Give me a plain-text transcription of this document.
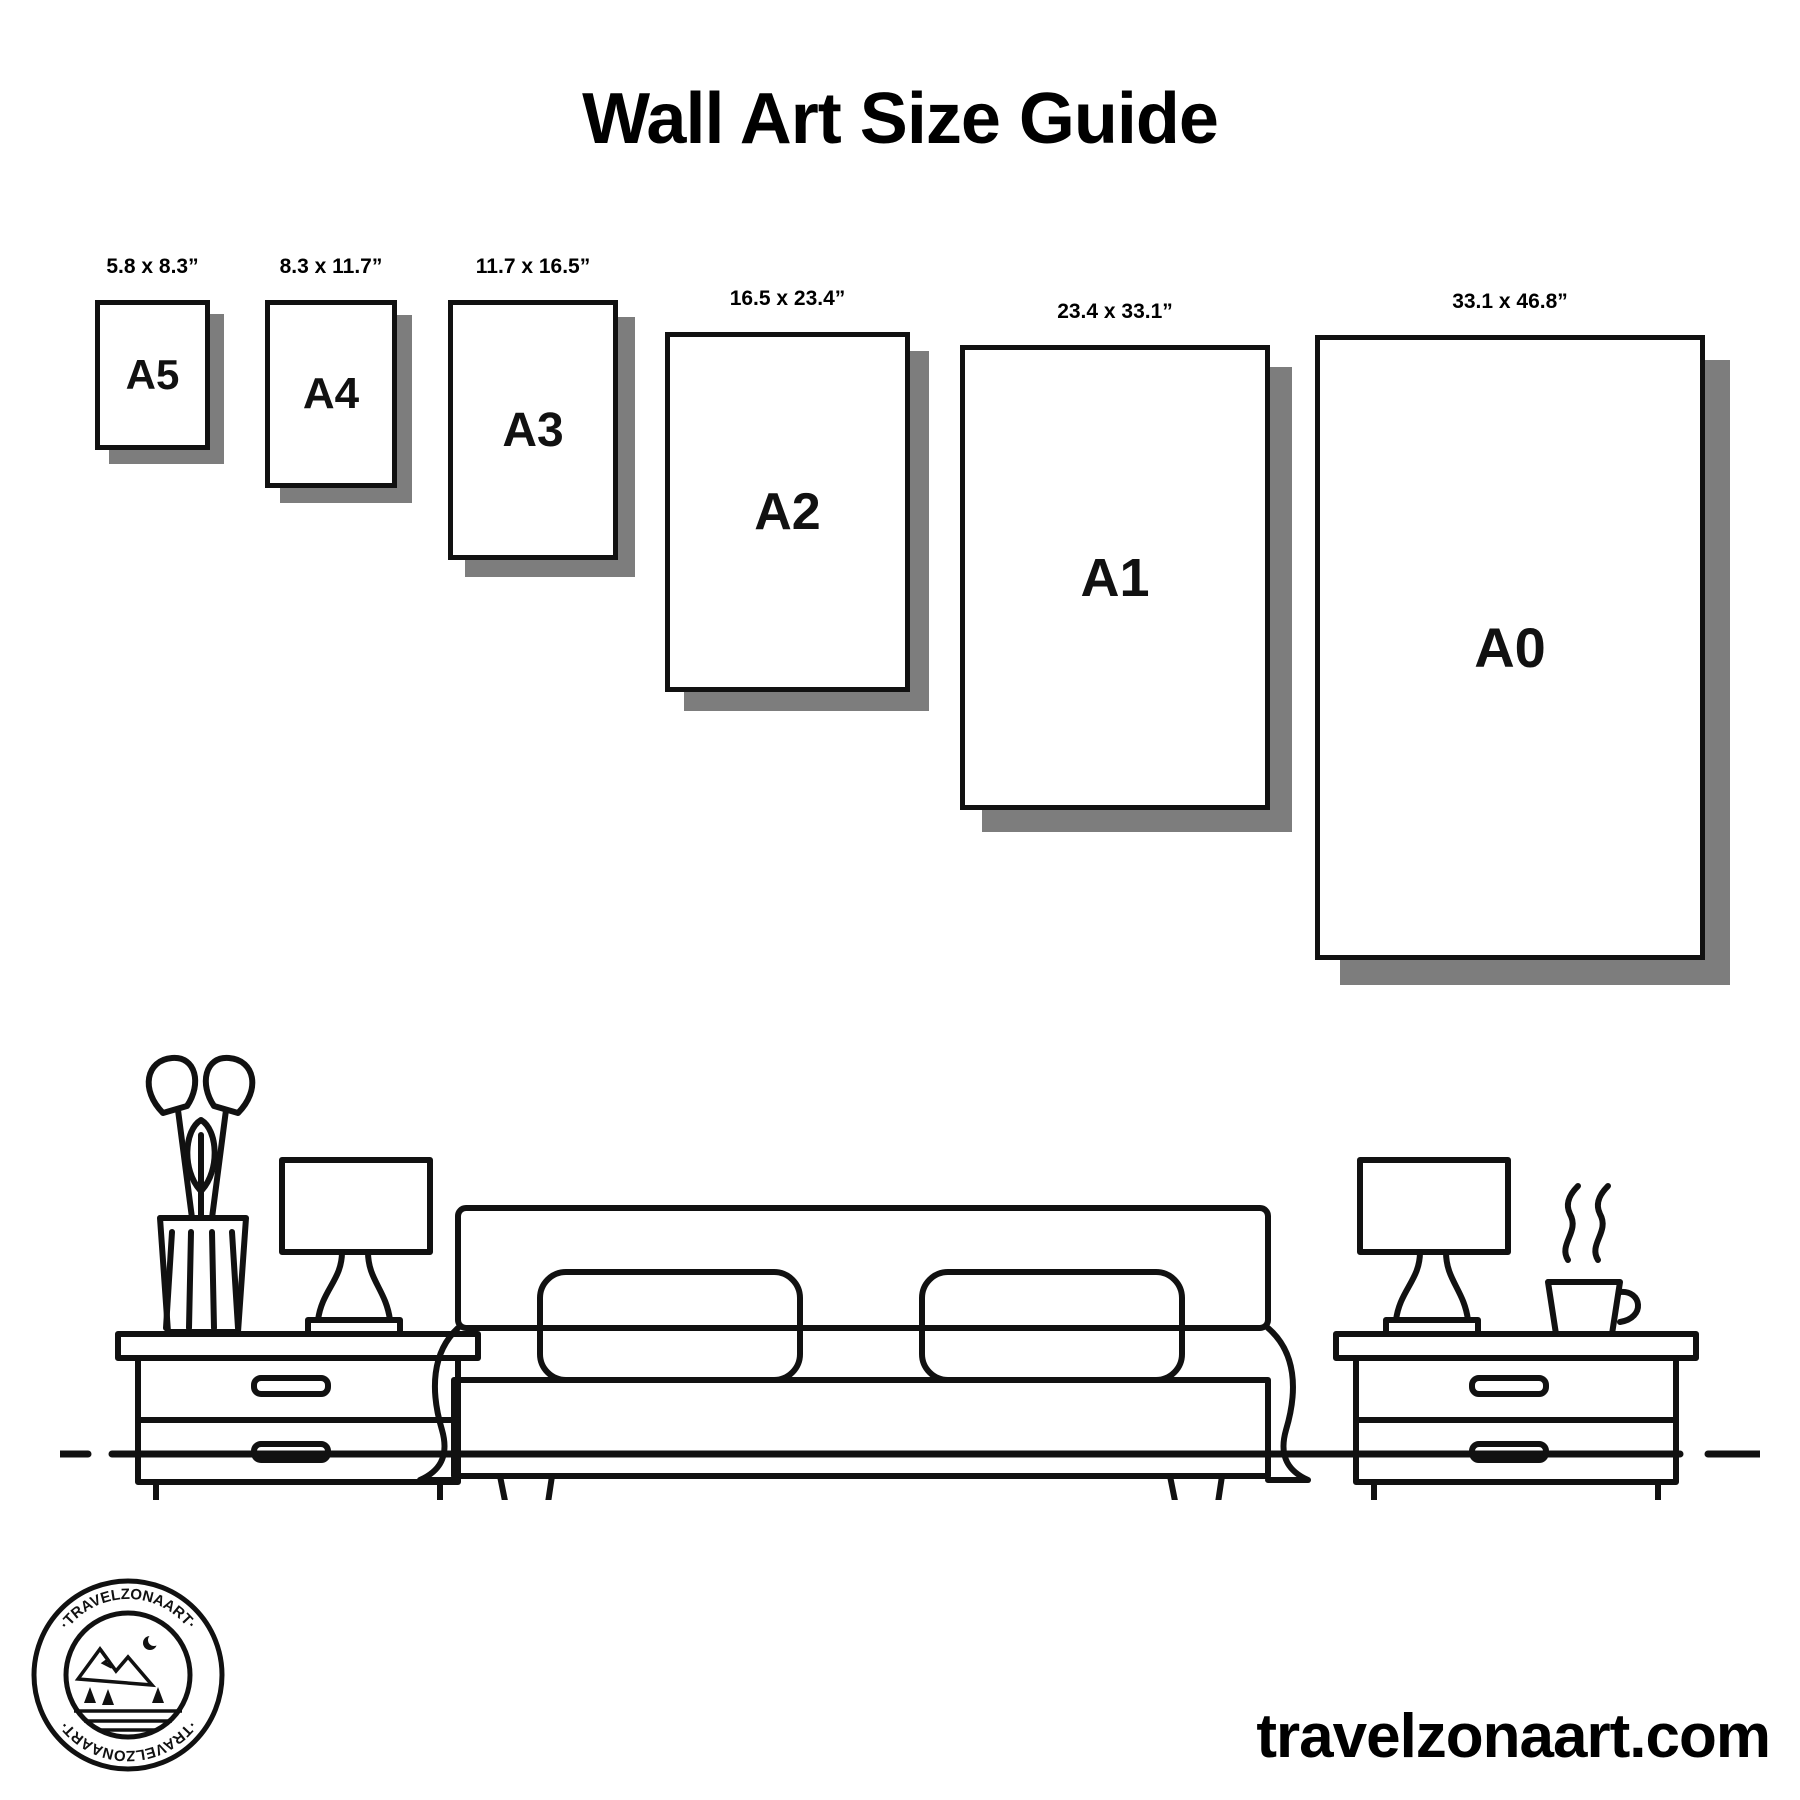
Wall Art Size Guide
5.8 x 8.3”
A5
8.3 x 11.7”
A4
11.7 x 16.5”
A3
16.5 x 23.4”
A2
23.4 x 33.1”
A1
33.1 x 46.8”
A0
·TRAVELZONAART·
·TRAVELZONAART·	travelzonaart.com
